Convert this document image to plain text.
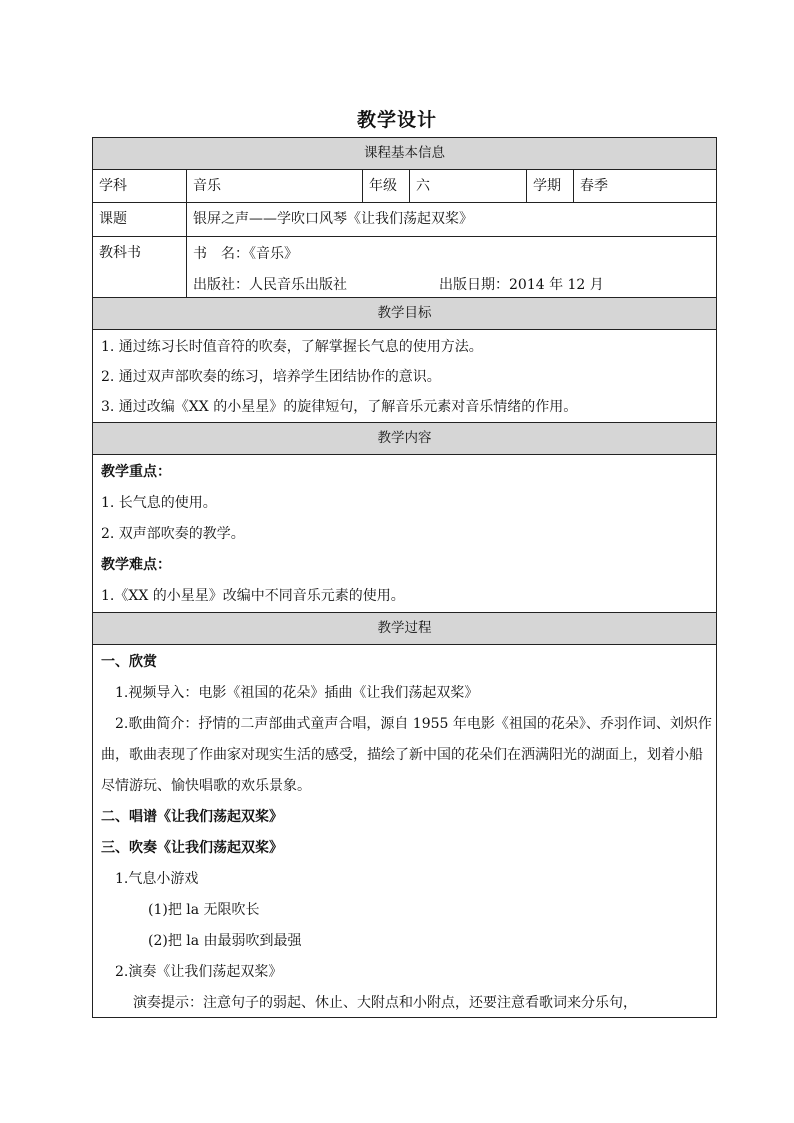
教学设计
课程基本信息
学科	音乐	年级	六	学期	春季
课题	银屏之声——学吹口风琴《让我们荡起双桨》
教科书	书　名：《音乐》
出版社：人民音乐出版社	出版日期：2014 年 12 月
教学目标
1. 通过练习长时值音符的吹奏，了解掌握长气息的使用方法。
2. 通过双声部吹奏的练习，培养学生团结协作的意识。
3. 通过改编《XX 的小星星》的旋律短句，了解音乐元素对音乐情绪的作用。
教学内容
教学重点：
1. 长气息的使用。
2. 双声部吹奏的教学。
教学难点：
1.《XX 的小星星》改编中不同音乐元素的使用。
教学过程
一、欣赏
1.视频导入：电影《祖国的花朵》插曲《让我们荡起双桨》
2.歌曲简介：抒情的二声部曲式童声合唱，源自 1955 年电影《祖国的花朵》、乔羽作词、刘炽作曲，歌曲表现了作曲家对现实生活的感受，描绘了新中国的花朵们在洒满阳光的湖面上，划着小船尽情游玩、愉快唱歌的欢乐景象。
二、唱谱《让我们荡起双桨》
三、吹奏《让我们荡起双桨》
1.气息小游戏
(1)把 la 无限吹长
(2)把 la 由最弱吹到最强
2.演奏《让我们荡起双桨》
演奏提示：注意句子的弱起、休止、大附点和小附点，还要注意看歌词来分乐句，
